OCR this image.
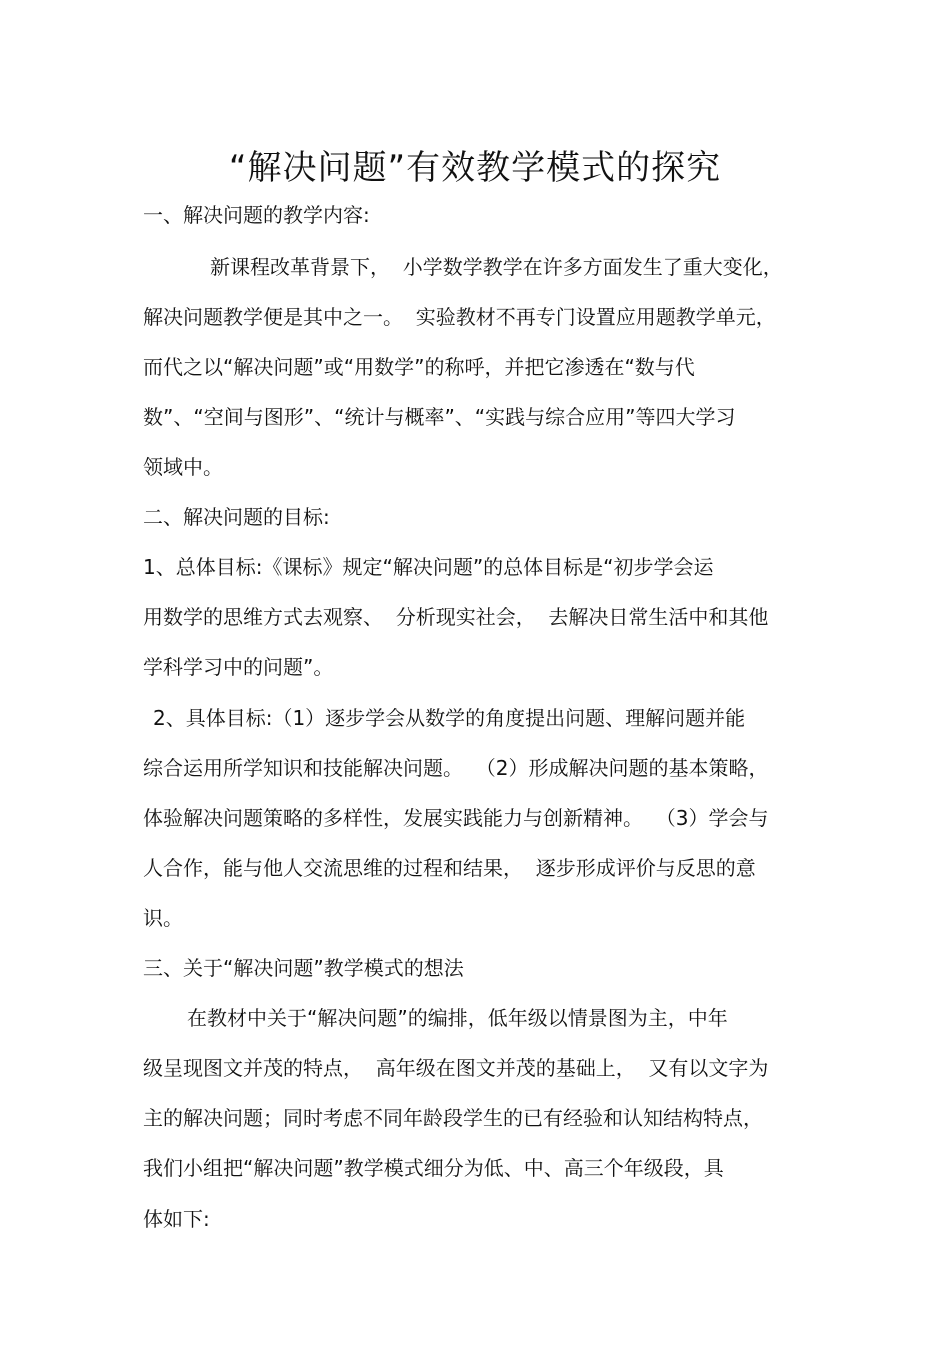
“解决问题”有效教学模式的探究

一、解决问题的教学内容:

新课程改革背景下，  小学数学教学在许多方面发生了重大变化，

解决问题教学便是其中之一。  实验教材不再专门设置应用题教学单元，

而代之以“解决问题”或“用数学”的称呼，并把它渗透在“数与代

数”、“空间与图形”、“统计与概率”、“实践与综合应用”等四大学习

领域中。

二、解决问题的目标:

1、总体目标:《课标》规定“解决问题”的总体目标是“初步学会运

用数学的思维方式去观察、  分析现实社会，  去解决日常生活中和其他

学科学习中的问题”。

2、具体目标:（1）逐步学会从数学的角度提出问题、理解问题并能

综合运用所学知识和技能解决问题。  （2）形成解决问题的基本策略，

体验解决问题策略的多样性，发展实践能力与创新精神。  （3）学会与

人合作，能与他人交流思维的过程和结果，  逐步形成评价与反思的意

识。

三、关于“解决问题”教学模式的想法

在教材中关于“解决问题”的编排，低年级以情景图为主，中年

级呈现图文并茂的特点，  高年级在图文并茂的基础上，  又有以文字为

主的解决问题；同时考虑不同年龄段学生的已有经验和认知结构特点，

我们小组把“解决问题”教学模式细分为低、中、高三个年级段，具

体如下:
